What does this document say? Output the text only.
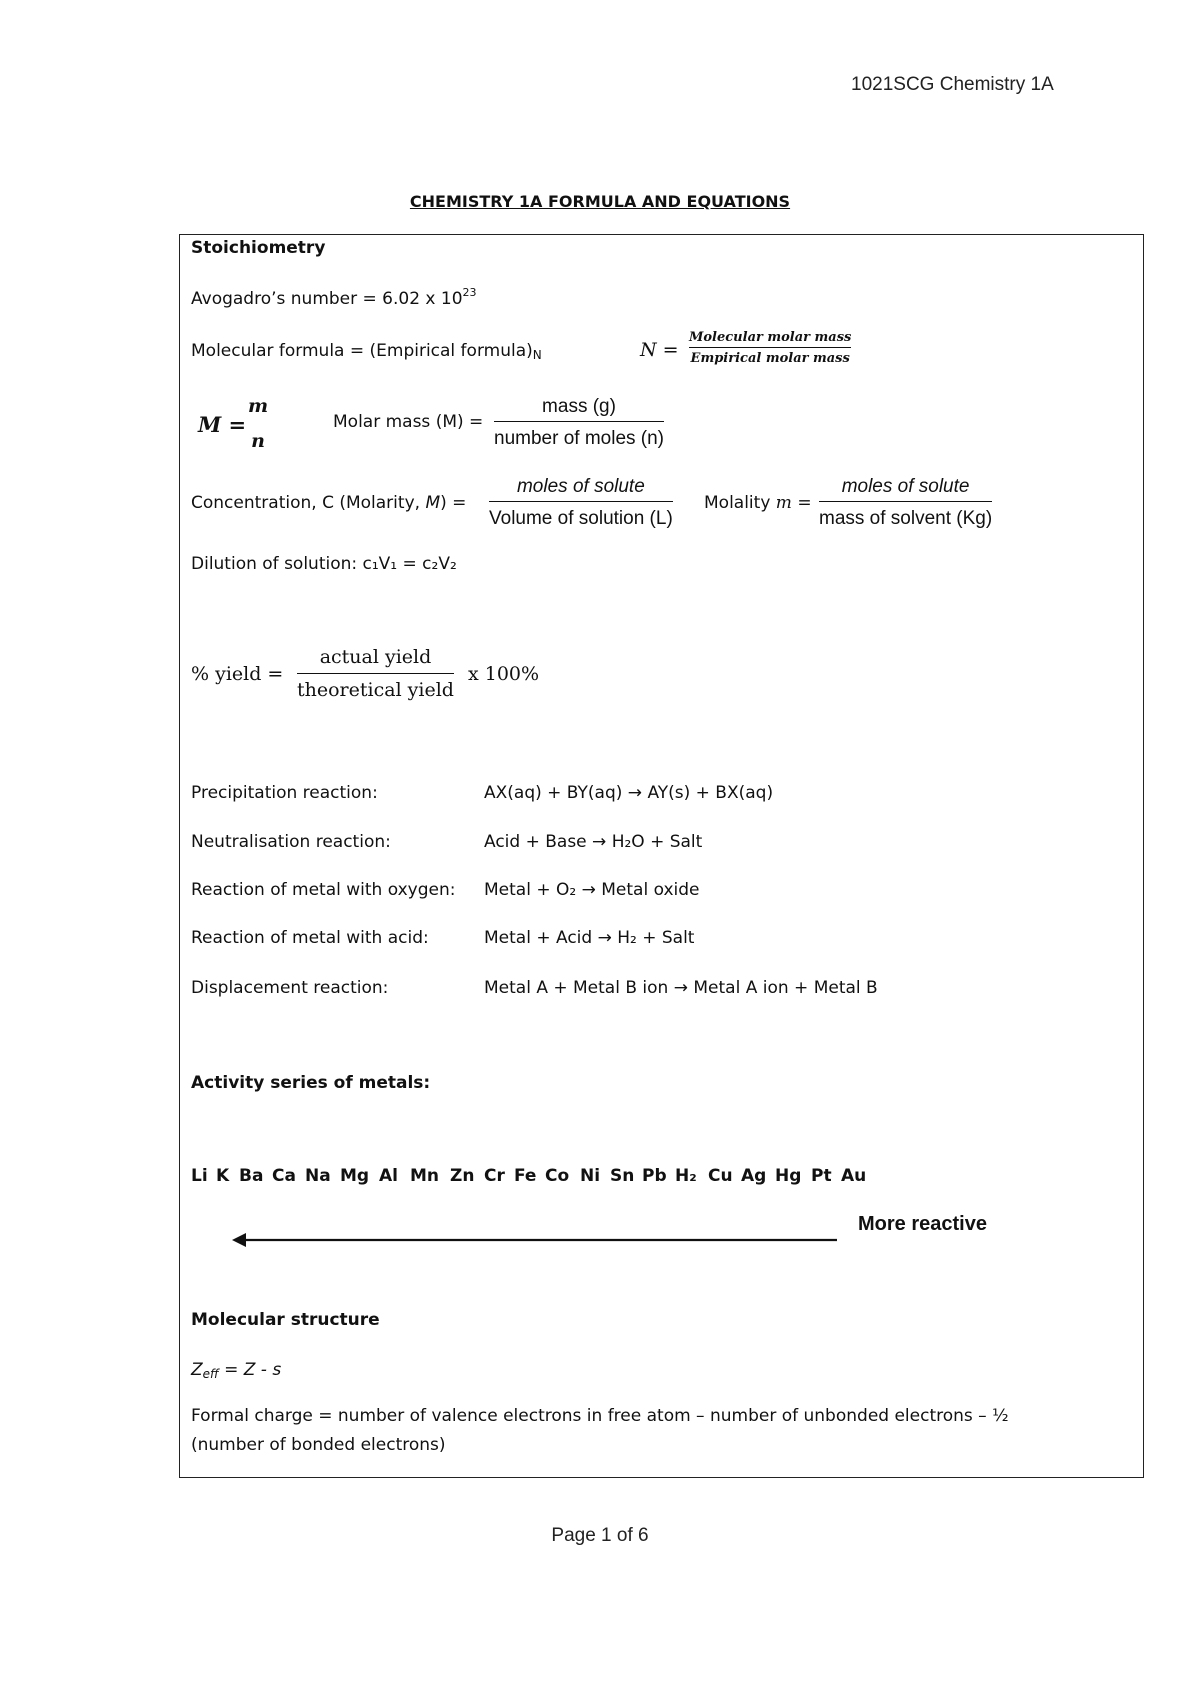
1021SCG Chemistry 1A
CHEMISTRY 1A FORMULA AND EQUATIONS
Stoichiometry
Avogadro’s number = 6.02 x $10^{23}$
Molecular formula = (Empirical $formula)_N$	N =
Molecular molar mass
Empirical molar mass
M =
m
n
Molar mass (M) =
mass (g)
number of moles (n)
Concentration, C (Molarity, M) =
moles of solute
Volume of solution (L)
Molality m =
moles of solute
mass of solvent (Kg)
Dilution of solution: c₁V₁ = c₂V₂
% yield =
actual yield
theoretical yield
x 100%
Precipitation reaction:	AX(aq) + BY(aq) → AY(s) + BX(aq)
Neutralisation reaction:	Acid + Base → H₂O + Salt
Reaction of metal with oxygen: Metal + O₂ → Metal oxide
Reaction of metal with acid:	Metal + Acid → H₂ + Salt
Displacement reaction:	Metal A + Metal B ion → Metal A ion + Metal B
Activity series of metals:
Li K Ba Ca Na Mg Al Mn Zn Cr Fe Co Ni Sn Pb H₂ Cu Ag Hg Pt Au
More reactive
Molecular structure
$Z_{eff} = Z - s$
Formal charge = number of valence electrons in free atom – number of unbonded electrons – ½
(number of bonded electrons)
Page 1 of 6
